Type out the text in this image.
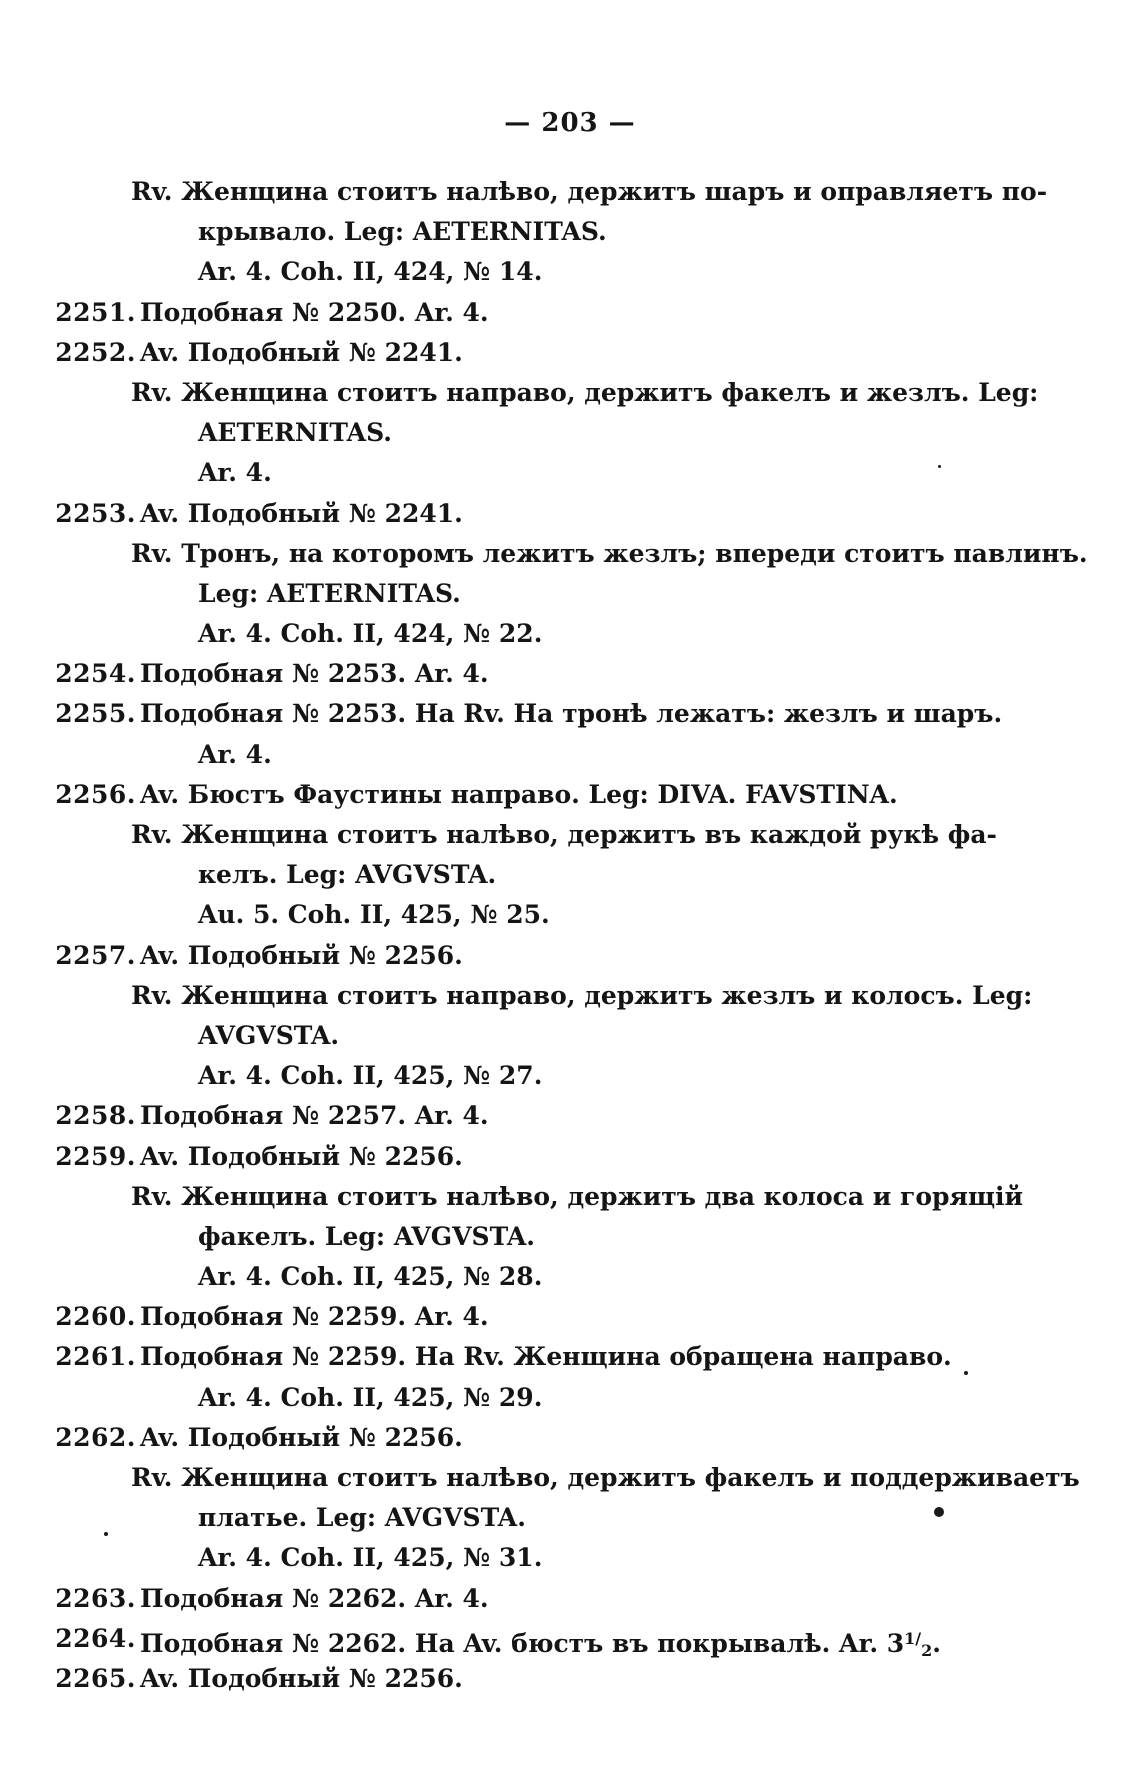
— 203 —
Rv. Женщина стоитъ налѣво, держитъ шаръ и оправляетъ по-
крывало. Leg: AETERNITAS.
Ar. 4. Coh. II, 424, № 14.
2251. Подобная № 2250. Ar. 4.
2252. Av. Подобный № 2241.
Rv. Женщина стоитъ направо, держитъ факелъ и жезлъ. Leg:
AETERNITAS.
Ar. 4.
2253. Av. Подобный № 2241.
Rv. Тронъ, на которомъ лежитъ жезлъ; впереди стоитъ павлинъ.
Leg: AETERNITAS.
Ar. 4. Coh. II, 424, № 22.
2254. Подобная № 2253. Ar. 4.
2255. Подобная № 2253. На Rv. На тронѣ лежатъ: жезлъ и шаръ.
Ar. 4.
2256. Av. Бюстъ Фаустины направо. Leg: DIVA. FAVSTINA.
Rv. Женщина стоитъ налѣво, держитъ въ каждой рукѣ фа-
келъ. Leg: AVGVSTA.
Au. 5. Coh. II, 425, № 25.
2257. Av. Подобный № 2256.
Rv. Женщина стоитъ направо, держитъ жезлъ и колосъ. Leg:
AVGVSTA.
Ar. 4. Coh. II, 425, № 27.
2258. Подобная № 2257. Ar. 4.
2259. Av. Подобный № 2256.
Rv. Женщина стоитъ налѣво, держитъ два колоса и горящій
факелъ. Leg: AVGVSTA.
Ar. 4. Coh. II, 425, № 28.
2260. Подобная № 2259. Ar. 4.
2261. Подобная № 2259. На Rv. Женщина обращена направо.
Ar. 4. Coh. II, 425, № 29.
2262. Av. Подобный № 2256.
Rv. Женщина стоитъ налѣво, держитъ факелъ и поддерживаетъ
платье. Leg: AVGVSTA.
Ar. 4. Coh. II, 425, № 31.
2263. Подобная № 2262. Ar. 4.
2264. Подобная № 2262. На Av. бюстъ въ покрывалѣ. Ar. $3^{1/}2$.
2265. Av. Подобный № 2256.
